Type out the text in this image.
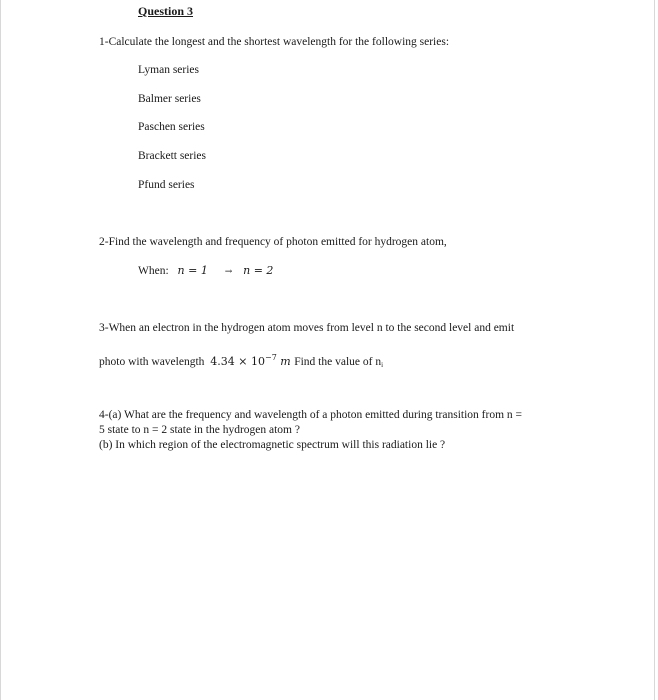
Question 3
1-Calculate the longest and the shortest wavelength for the following series:
Lyman series
Balmer series
Paschen series
Brackett series
Pfund series
2-Find the wavelength and frequency of photon emitted for hydrogen atom,
When: n = 1 → n = 2
3-When an electron in the hydrogen atom moves from level n to the second level and emit
photo with wavelength $4.34 \times 10^{-7}$ m Find the value of $n_i$
4-(a) What are the frequency and wavelength of a photon emitted during transition from n =
5 state to n = 2 state in the hydrogen atom ?
(b) In which region of the electromagnetic spectrum will this radiation lie ?
